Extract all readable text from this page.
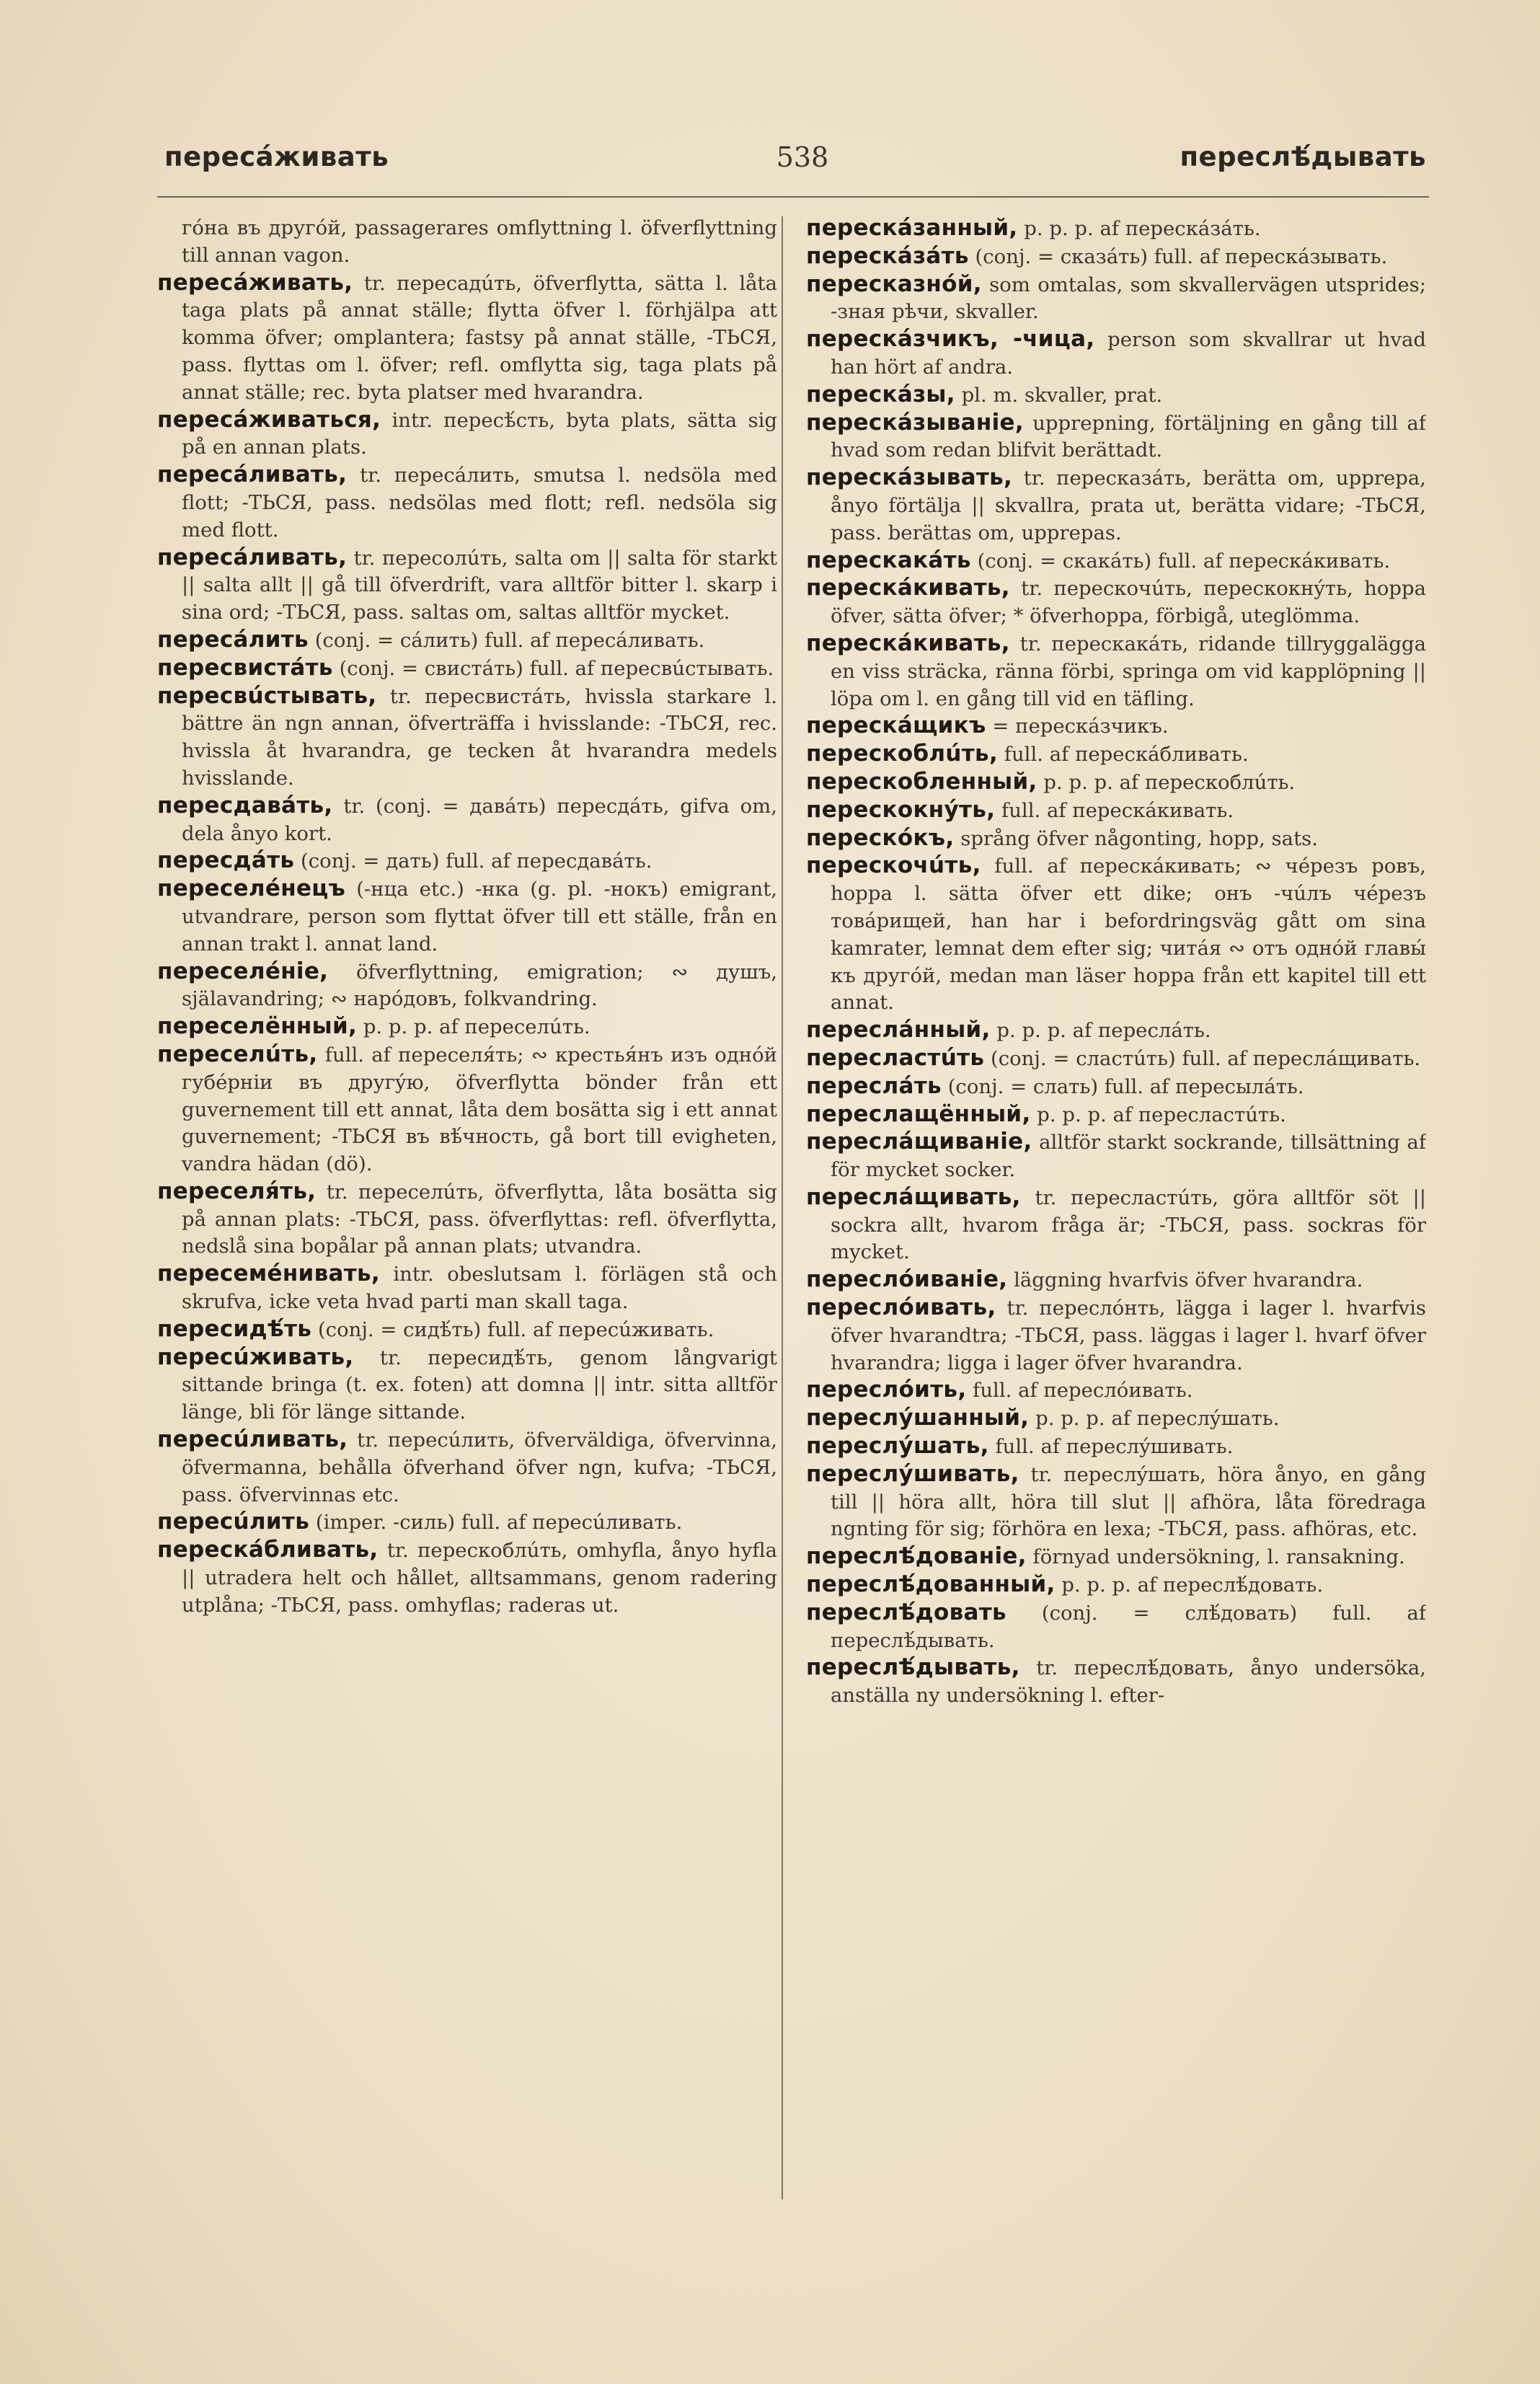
пересáживать	538	переслѣ́дывать

гóна въ другóй, passagerares omflyttning l. öfverflyttning till annan vagon.

пересáживать, tr. пересадúть, öfverflytta, sätta l. låta taga plats på annat ställe; flytta öfver l. förhjälpa att komma öfver; omplantera; fastsy på annat ställe, -ТЬСЯ, pass. flyttas om l. öfver; refl. omflytta sig, taga plats på annat ställe; rec. byta platser med hvarandra.

пересáживаться, intr. пересѣ́сть, byta plats, sätta sig på en annan plats.

пересáливать, tr. пересáлить, smutsa l. nedsöla med flott; -ТЬСЯ, pass. nedsölas med flott; refl. nedsöla sig med flott.

пересáливать, tr. пересолúть, salta om || salta för starkt || salta allt || gå till öfverdrift, vara alltför bitter l. skarp i sina ord; -ТЬСЯ, pass. saltas om, saltas alltför mycket.

пересáлить (conj. = сáлить) full. af пересáливать.

пересвистáть (conj. = свистáть) full. af пересвúстывать.

пересвúстывать, tr. пересвистáть, hvissla starkare l. bättre än ngn annan, öfverträffa i hvisslande: -ТЬСЯ, rec. hvissla åt hvarandra, ge tecken åt hvarandra medels hvisslande.

пересдавáть, tr. (conj. = давáть) пересдáть, gifva om, dela ånyo kort.

пересдáть (conj. = дать) full. af пересдавáть.

переселéнецъ (-нца etc.) -нка (g. pl. -нокъ) emigrant, utvandrare, person som flyttat öfver till ett ställe, från en annan trakt l. annat land.

переселéніе, öfverflyttning, emigration; ∾ душъ, själavandring; ∾ нарóдовъ, folkvandring.

переселённый, p. p. p. af переселúть.

переселúть, full. af переселя́ть; ∾ крестья́нъ изъ однóй губéрніи въ другýю, öfverflytta bönder från ett guvernement till ett annat, låta dem bosätta sig i ett annat guvernement; -ТЬСЯ въ вѣ́чность, gå bort till evigheten, vandra hädan (dö).

переселя́ть, tr. переселúть, öfverflytta, låta bosätta sig på annan plats: -ТЬСЯ, pass. öfverflyttas: refl. öfverflytta, nedslå sina bopålar på annan plats; utvandra.

пересемéнивать, intr. obeslutsam l. förlägen stå och skrufva, icke veta hvad parti man skall taga.

пересидѣ́ть (conj. = сидѣ́ть) full. af пересúживать.

пересúживать, tr. пересидѣ́ть, genom långvarigt sittande bringa (t. ex. foten) att domna || intr. sitta alltför länge, bli för länge sittande.

пересúливать, tr. пересúлить, öfverväldiga, öfvervinna, öfvermanna, behålla öfverhand öfver ngn, kufva; -ТЬСЯ, pass. öfvervinnas etc.

пересúлить (imper. -силь) full. af пересúливать.

перескáбливать, tr. перескоблúть, omhyfla, ånyo hyfla || utradera helt och hållet, alltsammans, genom radering utplåna; -ТЬСЯ, pass. omhyflas; raderas ut.

перескáзанный, p. p. p. af перескáзáть.

перескáзáть (conj. = сказáть) full. af перескáзывать.

пересказнóй, som omtalas, som skvallervägen utsprides; -зная рѣчи, skvaller.

перескáзчикъ, -чица, person som skvallrar ut hvad han hört af andra.

перескáзы, pl. m. skvaller, prat.

перескáзываніе, upprepning, förtäljning en gång till af hvad som redan blifvit berättadt.

перескáзывать, tr. пересказáть, berätta om, upprepa, ånyo förtälja || skvallra, prata ut, berätta vidare; -ТЬСЯ, pass. berättas om, upprepas.

перескакáть (conj. = скакáть) full. af перескáкивать.

перескáкивать, tr. перескочúть, перескокнýть, hoppa öfver, sätta öfver; * öfverhoppa, förbigå, uteglömma.

перескáкивать, tr. перескакáть, ridande tillryggalägga en viss sträcka, ränna förbi, springa om vid kapplöpning || löpa om l. en gång till vid en täfling.

перескáщикъ = перескáзчикъ.

перескоблúть, full. af перескáбливать.

перескобленный, p. p. p. af перескоблúть.

перескокнýть, full. af перескáкивать.

перескóкъ, språng öfver någonting, hopp, sats.

перескочúть, full. af перескáкивать; ∾ чéрезъ ровъ, hoppa l. sätta öfver ett dike; онъ -чúлъ чéрезъ товáрищей, han har i befordringsväg gått om sina kamrater, lemnat dem efter sig; читáя ∾ отъ однóй главы́ къ другóй, medan man läser hoppa från ett kapitel till ett annat.

перeслáнный, p. p. p. af переслáть.

переслaстúть (conj. = сластúть) full. af пересла́щивать.

переслáть (conj. = слать) full. af пересылáть.

переслащённый, p. p. p. af переслaстúть.

перeслáщиваніе, alltför starkt sockrande, tillsättning af för mycket socker.

переслáщивать, tr. переслaстúть, göra alltför söt || sockra allt, hvarom fråga är; -ТЬСЯ, pass. sockras för mycket.

переслóиваніе, läggning hvarfvis öfver hvarandra.

переслóивать, tr. переслóнть, lägga i lager l. hvarfvis öfver hvarandtra; -ТЬСЯ, pass. läggas i lager l. hvarf öfver hvarandra; ligga i lager öfver hvarandra.

переслóить, full. af переслóивать.

переслýшанный, p. p. p. af переслýшать.

переслýшать, full. af переслýшивать.

переслýшивать, tr. переслýшать, höra ånyo, en gång till || höra allt, höra till slut || afhöra, låta föredraga ngnting för sig; förhöra en lexa; -ТЬСЯ, pass. afhöras, etc.

переслѣ́дованіе, förnyad undersökning, l. ransakning.

переслѣ́дованный, p. p. p. af переслѣ́довать.

переслѣ́довать (conj. = слѣ́довать) full. af переслѣ́дывать.

переслѣ́дывать, tr. переслѣ́довать, ånyo undersöka, anställa ny undersökning l. efter-
